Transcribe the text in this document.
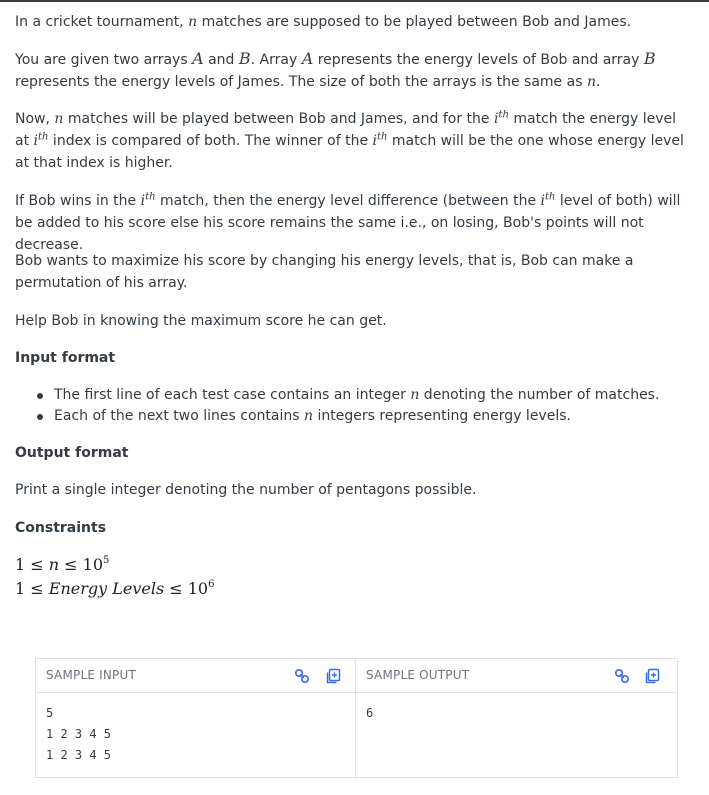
In a cricket tournament, n matches are supposed to be played between Bob and James.

You are given two arrays A and B. Array A represents the energy levels of Bob and array B represents the energy levels of James. The size of both the arrays is the same as n.

Now, n matches will be played between Bob and James, and for the $i^{th}$ match the energy level at $i^{th}$ index is compared of both. The winner of the $i^{th}$ match will be the one whose energy level at that index is higher.

If Bob wins in the $i^{th}$ match, then the energy level difference (between the $i^{th}$ level of both) will be added to his score else his score remains the same i.e., on losing, Bob's points will not decrease.

Bob wants to maximize his score by changing his energy levels, that is, Bob can make a permutation of his array.

Help Bob in knowing the maximum score he can get.

Input format
The first line of each test case contains an integer n denoting the number of matches.
Each of the next two lines contains n integers representing energy levels.
Output format

Print a single integer denoting the number of pentagons possible.

Constraints
$1 \le n \le 10^5$
1 ≤ Energy Levels ≤ $10^6$
SAMPLE INPUT
5
1 2 3 4 5
1 2 3 4 5
SAMPLE OUTPUT
6
